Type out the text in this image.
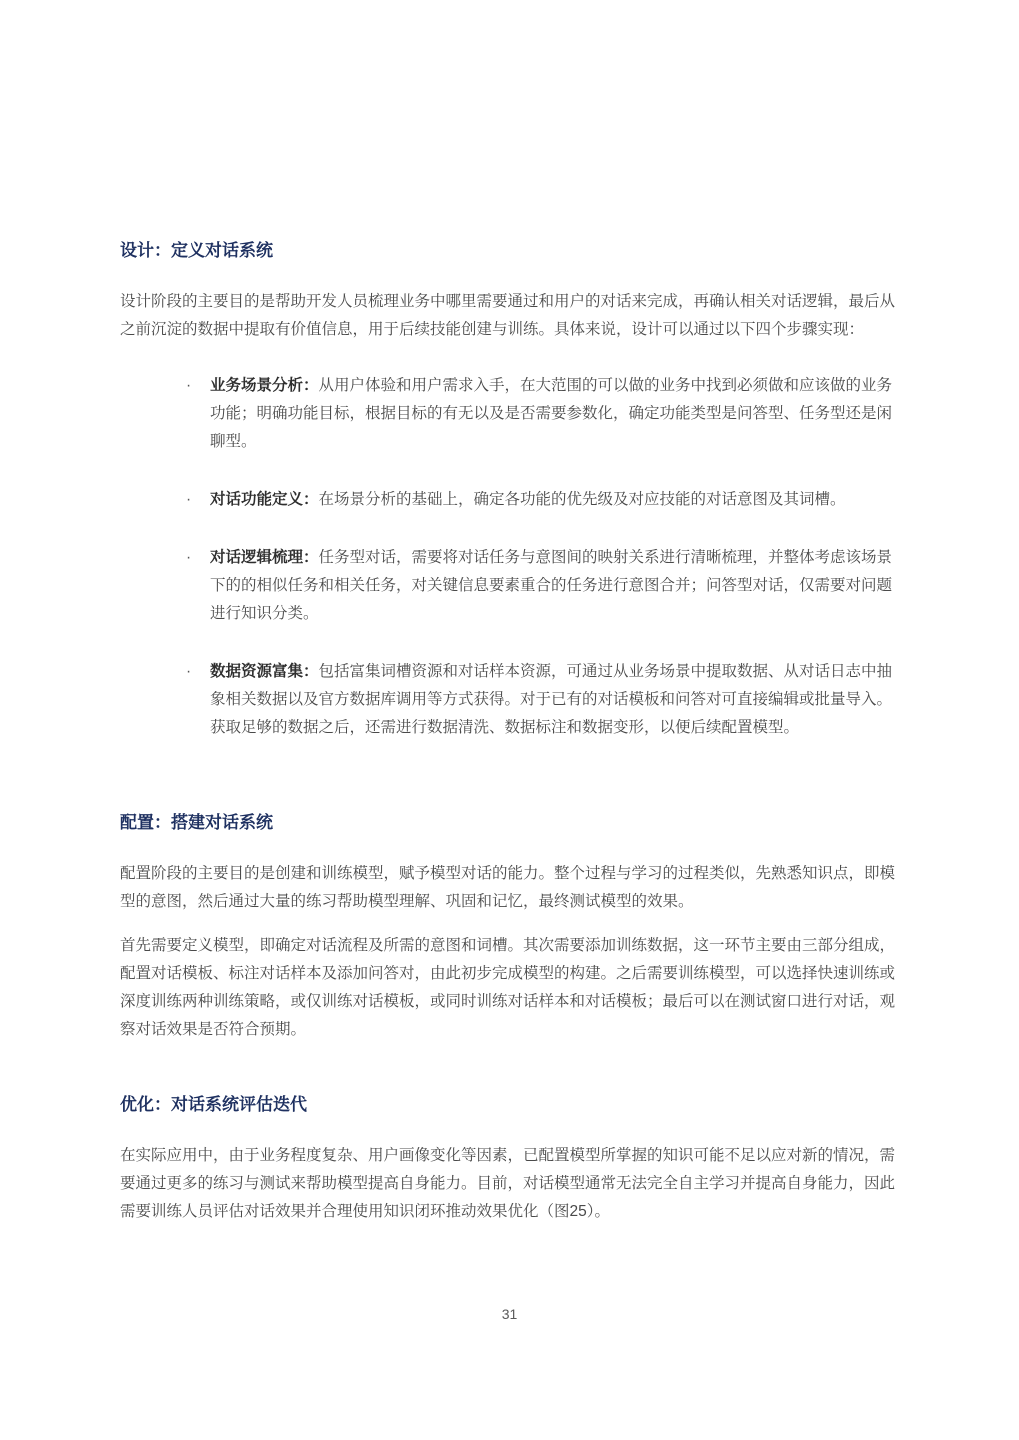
设计：定义对话系统

设计阶段的主要目的是帮助开发人员梳理业务中哪里需要通过和用户的对话来完成，再确认相关对话逻辑，最后从之前沉淀的数据中提取有价值信息，用于后续技能创建与训练。具体来说，设计可以通过以下四个步骤实现：

· 业务场景分析：从用户体验和用户需求入手，在大范围的可以做的业务中找到必须做和应该做的业务功能；明确功能目标，根据目标的有无以及是否需要参数化，确定功能类型是问答型、任务型还是闲聊型。
· 对话功能定义：在场景分析的基础上，确定各功能的优先级及对应技能的对话意图及其词槽。
· 对话逻辑梳理：任务型对话，需要将对话任务与意图间的映射关系进行清晰梳理，并整体考虑该场景下的的相似任务和相关任务，对关键信息要素重合的任务进行意图合并；问答型对话，仅需要对问题进行知识分类。
· 数据资源富集：包括富集词槽资源和对话样本资源，可通过从业务场景中提取数据、从对话日志中抽象相关数据以及官方数据库调用等方式获得。对于已有的对话模板和问答对可直接编辑或批量导入。获取足够的数据之后，还需进行数据清洗、数据标注和数据变形，以便后续配置模型。
配置：搭建对话系统

配置阶段的主要目的是创建和训练模型，赋予模型对话的能力。整个过程与学习的过程类似，先熟悉知识点，即模型的意图，然后通过大量的练习帮助模型理解、巩固和记忆，最终测试模型的效果。

首先需要定义模型，即确定对话流程及所需的意图和词槽。其次需要添加训练数据，这一环节主要由三部分组成，配置对话模板、标注对话样本及添加问答对，由此初步完成模型的构建。之后需要训练模型，可以选择快速训练或深度训练两种训练策略，或仅训练对话模板，或同时训练对话样本和对话模板；最后可以在测试窗口进行对话，观察对话效果是否符合预期。

优化：对话系统评估迭代

在实际应用中，由于业务程度复杂、用户画像变化等因素，已配置模型所掌握的知识可能不足以应对新的情况，需要通过更多的练习与测试来帮助模型提高自身能力。目前，对话模型通常无法完全自主学习并提高自身能力，因此需要训练人员评估对话效果并合理使用知识闭环推动效果优化（图25）。

31
